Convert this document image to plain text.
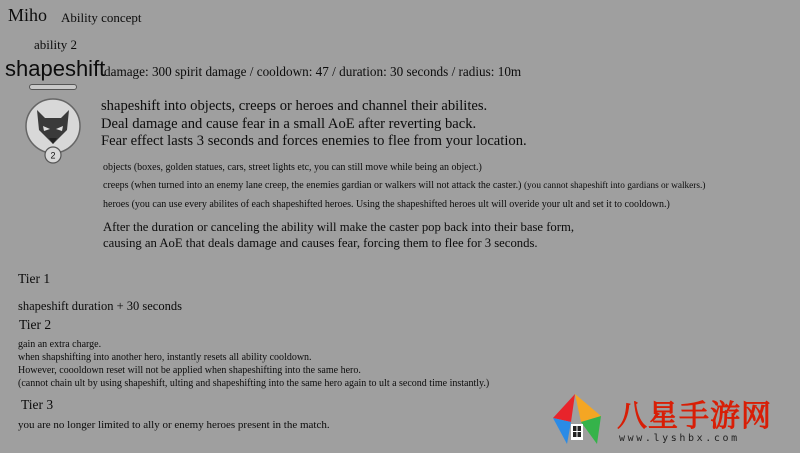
Miho Ability concept
ability 2
shapeshift
damage: 300 spirit damage / cooldown: 47 / duration: 30 seconds / radius: 10m
2
shapeshift into objects, creeps or heroes and channel their abilites.
Deal damage and cause fear in a small AoE after reverting back.
Fear effect lasts 3 seconds and forces enemies to flee from your location.
objects (boxes, golden statues, cars, street lights etc, you can still move while being an object.)
creeps (when turned into an enemy lane creep, the enemies gardian or walkers will not attack the caster.) (you cannot shapeshift into gardians or walkers.)
heroes (you can use every abilites of each shapeshifted heroes. Using the shapeshifted heroes ult will overide your ult and set it to cooldown.)
After the duration or canceling the ability will make the caster pop back into their base form,
causing an AoE that deals damage and causes fear, forcing them to flee for 3 seconds.
Tier 1
shapeshift duration + 30 seconds
Tier 2
gain an extra charge.
when shapshifting into another hero, instantly resets all ability cooldown.
However, coooldown reset will not be applied when shapeshifting into the same hero.
(cannot chain ult by using shapeshift, ulting and shapeshifting into the same hero again to ult a second time instantly.)
Tier 3
you are no longer limited to ally or enemy heroes present in the match.	八星手游网
www.lyshbx.com
